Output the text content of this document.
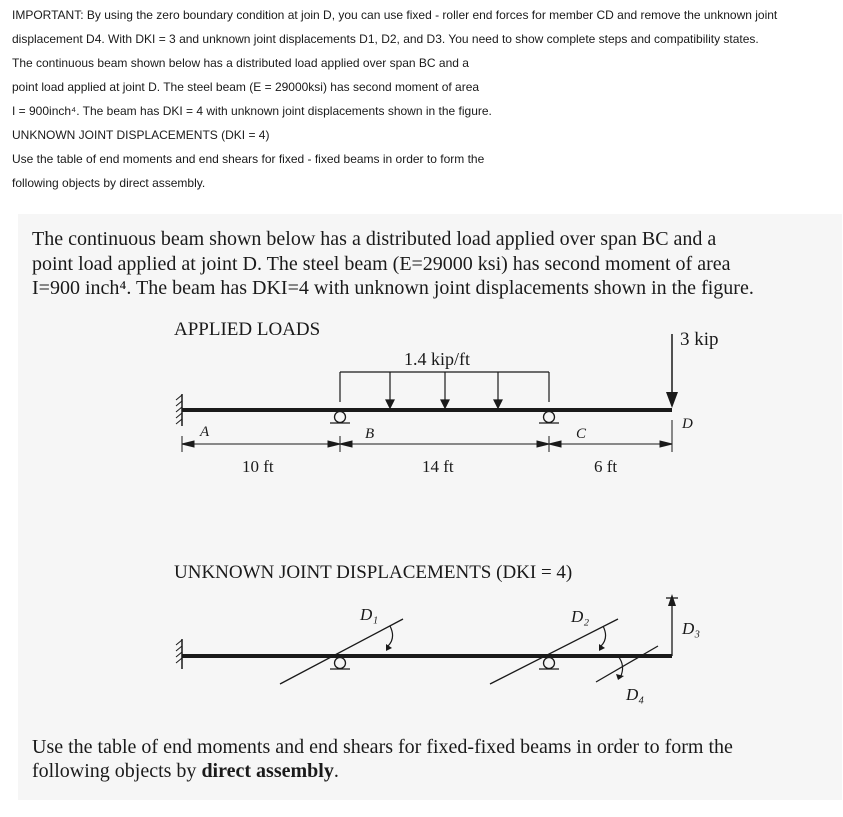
IMPORTANT: By using the zero boundary condition at join D, you can use fixed - roller end forces for member CD and remove the unknown joint
displacement D4. With DKI = 3 and unknown joint displacements D1, D2, and D3. You need to show complete steps and compatibility states.
The continuous beam shown below has a distributed load applied over span BC and a
point load applied at joint D. The steel beam (E = 29000ksi) has second moment of area
I = 900inch⁴. The beam has DKI = 4 with unknown joint displacements shown in the figure.
UNKNOWN JOINT DISPLACEMENTS (DKI = 4)
Use the table of end moments and end shears for fixed - fixed beams in order to form the
following objects by direct assembly.
The continuous beam shown below has a distributed load applied over span BC and a
point load applied at joint D. The steel beam (E=29000 ksi) has second moment of area
I=900 inch⁴. The beam has DKI=4 with unknown joint displacements shown in the figure.
APPLIED LOADS
UNKNOWN JOINT DISPLACEMENTS (DKI = 4)
1.4 kip/ft
3 kip
A	B	C
D
10 ft	14 ft	6 ft
D₁	D₂
D₃
D₄
Use the table of end moments and end shears for fixed-fixed beams in order to form the
following objects by direct assembly.
